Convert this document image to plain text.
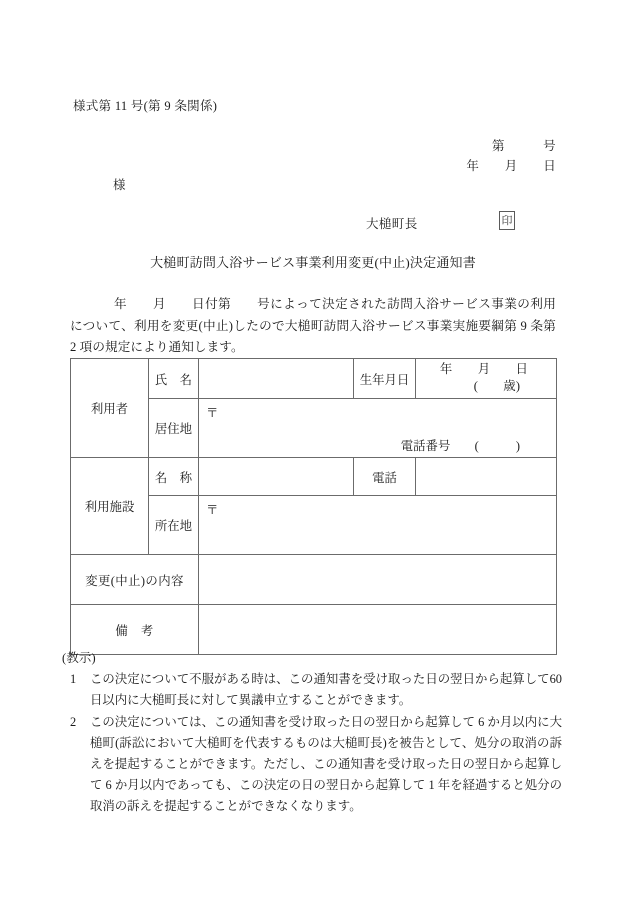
様式第 11 号(第 9 条関係)
第　　　号
年　　月　　日
様
大槌町長	印
大槌町訪問入浴サービス事業利用変更(中止)決定通知書
年　　月　　日付第　　号によって決定された訪問入浴サービス事業の利用について、利用を変更(中止)したので大槌町訪問入浴サービス事業実施要綱第 9 条第 2 項の規定により通知します。
利用者	氏　名		生年月日	年　　月　　日
(　　歳)

	居住地	〒
電話番号 (　　　)		

利用施設	名　称		電話	
	所在地	〒		

変更(中止)の内容				
備　考				
(教示)
1 この決定について不服がある時は、この通知書を受け取った日の翌日から起算して60日以内に大槌町長に対して異議申立することができます。
2 この決定については、この通知書を受け取った日の翌日から起算して 6 か月以内に大槌町(訴訟において大槌町を代表するものは大槌町長)を被告として、処分の取消の訴えを提起することができます。ただし、この通知書を受け取った日の翌日から起算して 6 か月以内であっても、この決定の日の翌日から起算して 1 年を経過すると処分の取消の訴えを提起することができなくなります。
